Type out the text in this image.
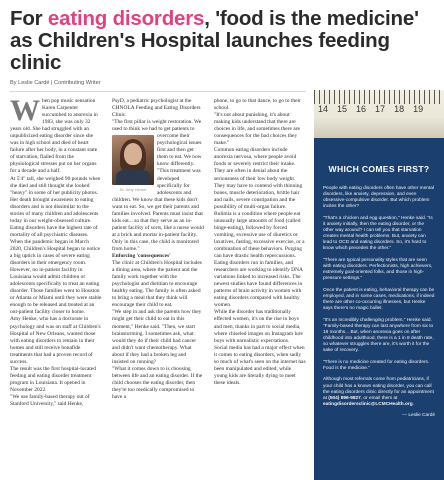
For eating disorders, 'food is the medicine' as Children's Hospital launches feeding clinic
By Leslie Cardé | Contributing Writer

When pop music sensation Karen Carpenter succumbed to anorexia in 1983, she was only 32 years old. She had struggled with an unpublicized eating disorder since she was in high school and died of heart failure after her body, in a constant state of starvation, flailed from the physiological stresses put on her organs for a decade and a half.

At 5'4" tall, she weighed 90 pounds when she died and still thought she looked "heavy" in some of her publicity photos. Her death brought awareness to eating disorders and is not dissimilar to the stories of many children and adolescents today in our weight-obsessed culture.

Eating disorders have the highest rate of mortality of all psychiatric diseases. When the pandemic began in March 2020, Children's Hospital began to notice a big uptick in cases of severe eating disorders in their emergency room.

However, no in-patient facility in Louisiana would admit children or adolescents specifically to treat an eating disorder. Those families went to Houston or Atlanta or Miami until they were stable enough to be released and treated at an out-patient facility closer to home.

Amy Henke, who has a doctorate in psychology and was on staff at Children's Hospital of New Orleans, wanted those with eating disorders to remain in their homes and still receive bonafide treatments that had a proven record of success.

The result was the first hospital-located feeding and eating disorder treatment program in Louisiana. It opened in November 2022.

"We use family-based therapy out of Stanford University," said Henke,

PsyD, a pediatric psychologist at the CHNOLA Feeding and Eating Disorders Clinic.

"The first pillar is weight restoration. We used to think we had to get patients to

overcome their psychological issues first and then get them to eat. We now know differently.

Dr. Amy Henke

"This treatment was developed specifically for adolescents and children. We know that these kids don't want to eat. So, we get their parents and families involved. Parents must insist that kids eat... so that they serve as an in-patient facility of sorts, like a nurse would at a brick and mortar in-patient facility. Only in this case, the child is monitored from home."

Enforcing 'consequences'

The clinic at Children's Hospital includes a dining area, where the patient and the family work together with the psychologist and dietitian to encourage healthy eating. The family is often asked to bring a meal that they think will encourage their child to eat.

"We step in and ask the parents how they might get their child to eat in this moment," Henke said. "Then, we start brainstorming. I sometimes ask, what would they do if their child had cancer and didn't want chemotherapy. What about if they had a broken leg and insisted on running?

"What it comes down to is choosing between life and an eating disorder. If the child chooses the eating disorder, then they're too medically compromised to have a

phone, to go to that dance, to go to their school.

"It's not about punishing, it's about making kids understand that there are choices in life, and sometimes there are consequences for the bad choices they make."

Common eating disorders include anorexia nervosa, where people avoid foods or severely restrict their intake. They are often in denial about the seriousness of their low body weight.

They may have to contend with thinning bones, muscle deterioration, brittle hair and nails, severe constipation and the possibility of multi-organ failure.

Bulimia is a condition where people eat unusually large amounts of food (called binge-eating), followed by forced vomiting, excessive use of diuretics or laxatives, fasting, excessive exercise, or a combination of these behaviors. Purging can have drastic health repercussions.

Eating disorders run in families, and researchers are working to identify DNA variations linked to increased risks. The newest studies have found differences in patterns of brain activity in women with eating disorders compared with healthy women.

While the disorder has traditionally effected women, it's on the rise in boys and men, thanks in part to social media, where chiseled images on Instagram lure boys with unrealistic expectations.

Social media has had a major effect when it comes to eating disorders, when sadly so much of what's seen on the internet has been manipulated and edited, while young kids are literally dying to meet these ideals.

14 15 16 17 18 19
WHICH COMES FIRST?

People with eating disorders often have other mental disorders, like anxiety, depression, and even obsessive-compulsive disorder. But which problem incites the other?

"That's a chicken and egg question," Henke said. "Is it anxiety initially, then the eating disorder, or the other way around? I can tell you that starvation creates mental health problems. But, anxiety can lead to OCD and eating disorders. So, it's hard to know which precedes the other."

"There are typical personality styles that are seen with eating disorders. Perfectionists, high achievers, extremely goal-oriented folks, and those in high-pressure settings."

Once the patient is eating, behavioral therapy can be employed, and in some cases, medications, if indeed there are other co-occurring illnesses, but Henke says there's no magic bullet.

"It's an incredibly challenging problem," Henke said. "Family-based therapy can last anywhere from six to 18 months... But, when anorexia goes on after childhood into adulthood, there is a 1 in 8 death rate, so whatever struggles there are, it's worth it for the sake of recovery.

"There is no medicine created for eating disorders. Food is the medicine."

Although most referrals come from pediatricians, if your child has a known eating disorder, you can call the eating disorders clinic directly for an appointment at (504) 896-9827, or email them at eatingdisordersclinic@LCMCHealth.org.

— Leslie Cardé
